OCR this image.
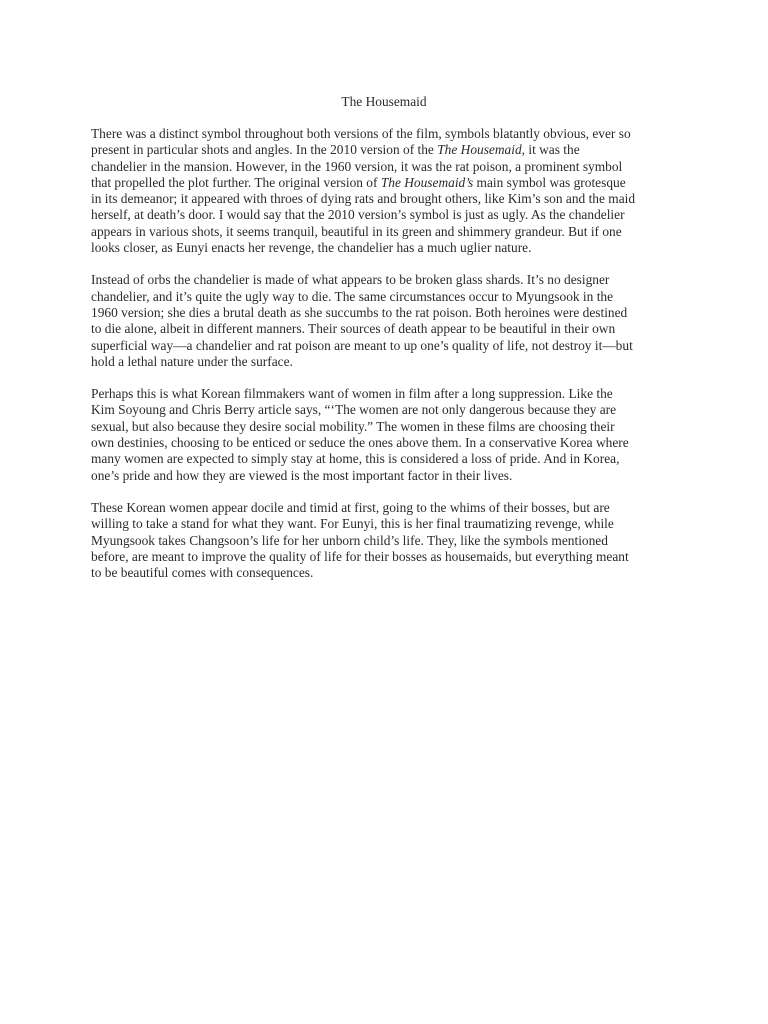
The Housemaid

There was a distinct symbol throughout both versions of the film, symbols blatantly obvious, ever so
present in particular shots and angles. In the 2010 version of the The Housemaid, it was the
chandelier in the mansion. However, in the 1960 version, it was the rat poison, a prominent symbol
that propelled the plot further. The original version of The Housemaid’s main symbol was grotesque
in its demeanor; it appeared with throes of dying rats and brought others, like Kim’s son and the maid
herself, at death’s door. I would say that the 2010 version’s symbol is just as ugly. As the chandelier
appears in various shots, it seems tranquil, beautiful in its green and shimmery grandeur. But if one
looks closer, as Eunyi enacts her revenge, the chandelier has a much uglier nature.

Instead of orbs the chandelier is made of what appears to be broken glass shards. It’s no designer
chandelier, and it’s quite the ugly way to die. The same circumstances occur to Myungsook in the
1960 version; she dies a brutal death as she succumbs to the rat poison. Both heroines were destined
to die alone, albeit in different manners. Their sources of death appear to be beautiful in their own
superficial way—a chandelier and rat poison are meant to up one’s quality of life, not destroy it—but
hold a lethal nature under the surface.

Perhaps this is what Korean filmmakers want of women in film after a long suppression. Like the
Kim Soyoung and Chris Berry article says, “‘The women are not only dangerous because they are
sexual, but also because they desire social mobility.” The women in these films are choosing their
own destinies, choosing to be enticed or seduce the ones above them. In a conservative Korea where
many women are expected to simply stay at home, this is considered a loss of pride. And in Korea,
one’s pride and how they are viewed is the most important factor in their lives.

These Korean women appear docile and timid at first, going to the whims of their bosses, but are
willing to take a stand for what they want. For Eunyi, this is her final traumatizing revenge, while
Myungsook takes Changsoon’s life for her unborn child’s life. They, like the symbols mentioned
before, are meant to improve the quality of life for their bosses as housemaids, but everything meant
to be beautiful comes with consequences.
